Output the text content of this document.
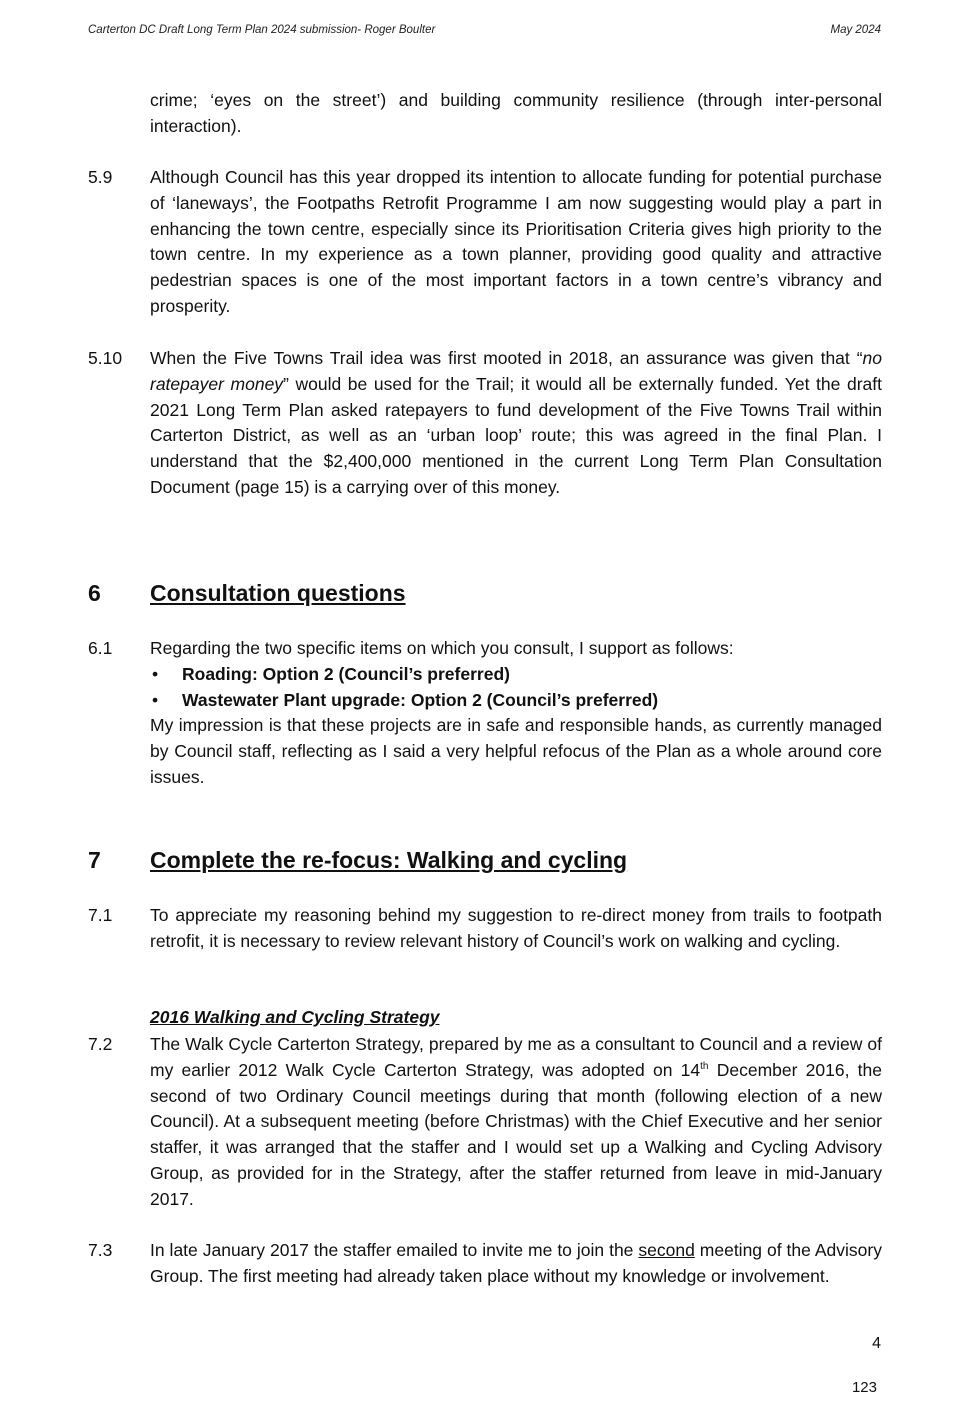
Carterton DC Draft Long Term Plan 2024 submission- Roger Boulter	May 2024
crime; ‘eyes on the street’) and building community resilience (through inter-personal interaction).
5.9 Although Council has this year dropped its intention to allocate funding for potential purchase of ‘laneways’, the Footpaths Retrofit Programme I am now suggesting would play a part in enhancing the town centre, especially since its Prioritisation Criteria gives high priority to the town centre. In my experience as a town planner, providing good quality and attractive pedestrian spaces is one of the most important factors in a town centre’s vibrancy and prosperity.
5.10 When the Five Towns Trail idea was first mooted in 2018, an assurance was given that “no ratepayer money” would be used for the Trail; it would all be externally funded. Yet the draft 2021 Long Term Plan asked ratepayers to fund development of the Five Towns Trail within Carterton District, as well as an ‘urban loop’ route; this was agreed in the final Plan. I understand that the $2,400,000 mentioned in the current Long Term Plan Consultation Document (page 15) is a carrying over of this money.
6 Consultation questions
6.1 Regarding the two specific items on which you consult, I support as follows:
• Roading: Option 2 (Council’s preferred)
• Wastewater Plant upgrade: Option 2 (Council’s preferred)
My impression is that these projects are in safe and responsible hands, as currently managed by Council staff, reflecting as I said a very helpful refocus of the Plan as a whole around core issues.
7 Complete the re-focus: Walking and cycling
7.1 To appreciate my reasoning behind my suggestion to re-direct money from trails to footpath retrofit, it is necessary to review relevant history of Council’s work on walking and cycling.
2016 Walking and Cycling Strategy
7.2 The Walk Cycle Carterton Strategy, prepared by me as a consultant to Council and a review of my earlier 2012 Walk Cycle Carterton Strategy, was adopted on 14th December 2016, the second of two Ordinary Council meetings during that month (following election of a new Council). At a subsequent meeting (before Christmas) with the Chief Executive and her senior staffer, it was arranged that the staffer and I would set up a Walking and Cycling Advisory Group, as provided for in the Strategy, after the staffer returned from leave in mid-January 2017.
7.3 In late January 2017 the staffer emailed to invite me to join the second meeting of the Advisory Group. The first meeting had already taken place without my knowledge or involvement.
4
123
